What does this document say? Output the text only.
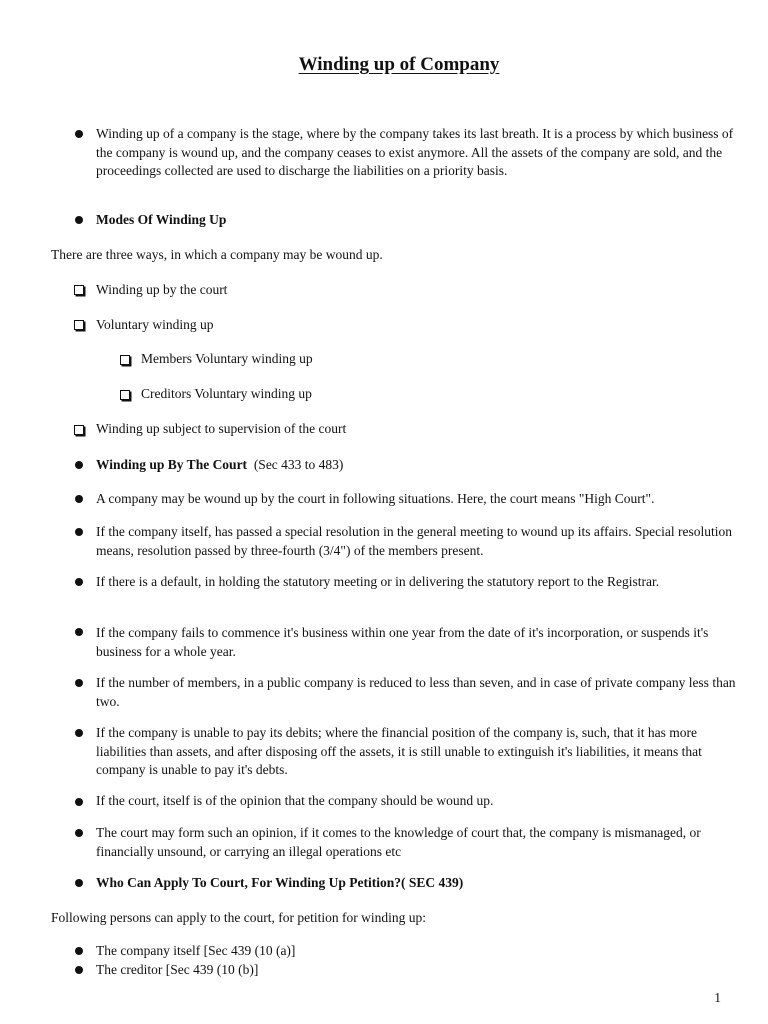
Winding up of Company
Winding up of a company is the stage, where by the company takes its last breath. It is a process by which business of the company is wound up, and the company ceases to exist anymore. All the assets of the company are sold, and the proceedings collected are used to discharge the liabilities on a priority basis.
Modes Of Winding Up
There are three ways, in which a company may be wound up.
Winding up by the court
Voluntary winding up
Members Voluntary winding up
Creditors Voluntary winding up
Winding up subject to supervision of the court
Winding up By The Court (Sec 433 to 483)
A company may be wound up by the court in following situations. Here, the court means "High Court".
If the company itself, has passed a special resolution in the general meeting to wound up its affairs. Special resolution means, resolution passed by three-fourth (3/4") of the members present.
If there is a default, in holding the statutory meeting or in delivering the statutory report to the Registrar.
If the company fails to commence it's business within one year from the date of it's incorporation, or suspends it's business for a whole year.
If the number of members, in a public company is reduced to less than seven, and in case of private company less than two.
If the company is unable to pay its debits; where the financial position of the company is, such, that it has more liabilities than assets, and after disposing off the assets, it is still unable to extinguish it's liabilities, it means that company is unable to pay it's debts.
If the court, itself is of the opinion that the company should be wound up.
The court may form such an opinion, if it comes to the knowledge of court that, the company is mismanaged, or financially unsound, or carrying an illegal operations etc
Who Can Apply To Court, For Winding Up Petition?( SEC 439)
Following persons can apply to the court, for petition for winding up:
The company itself [Sec 439 (10 (a)]
The creditor [Sec 439 (10 (b)]
1
